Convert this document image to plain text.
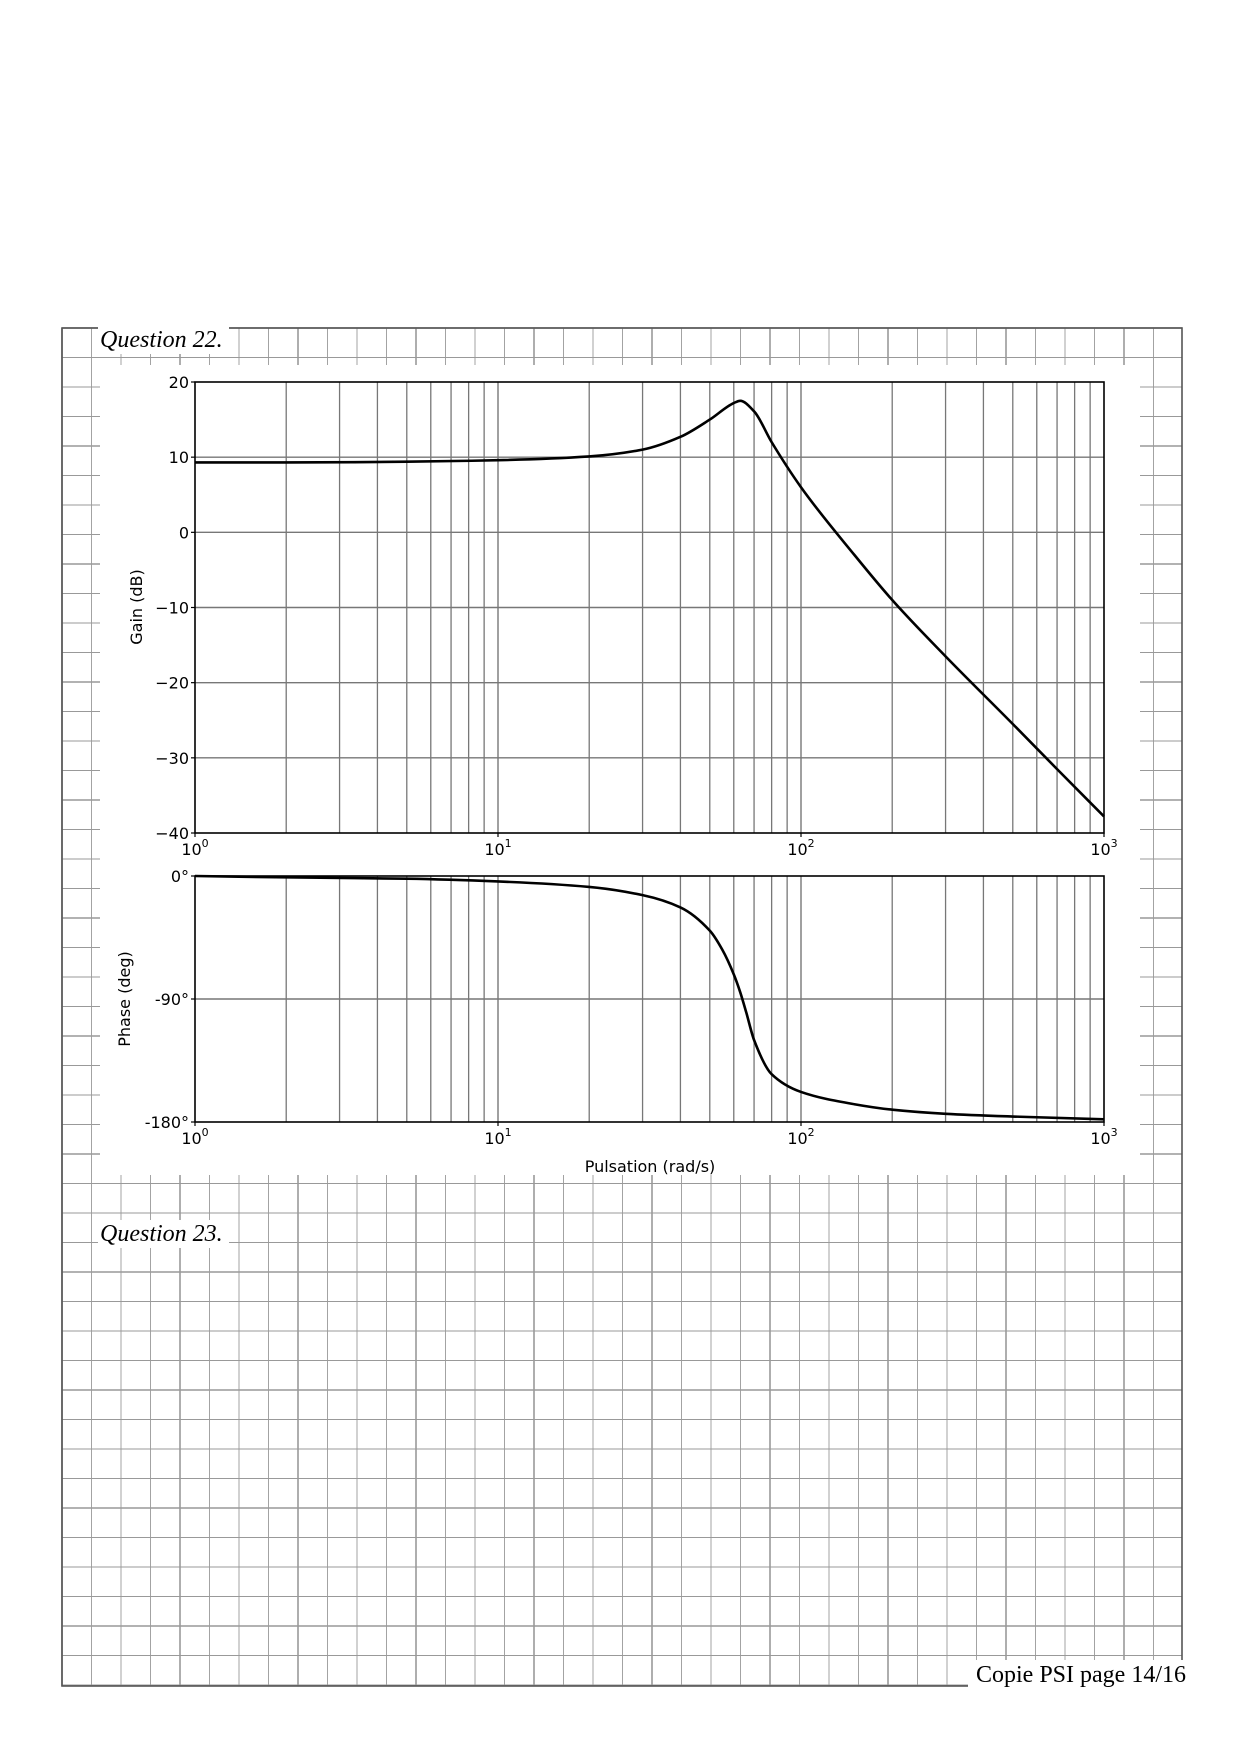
20
10
0
−10
−20
−30
−40
$10^0$	$10^1$	$10^2$	$10^3$
Gain (dB)
0°
-90°
-180°
$10^0$	$10^1$	$10^2$	$10^3$
Phase (deg)
Pulsation (rad/s)
Question 22.
Question 23.
Copie PSI page 14/16
